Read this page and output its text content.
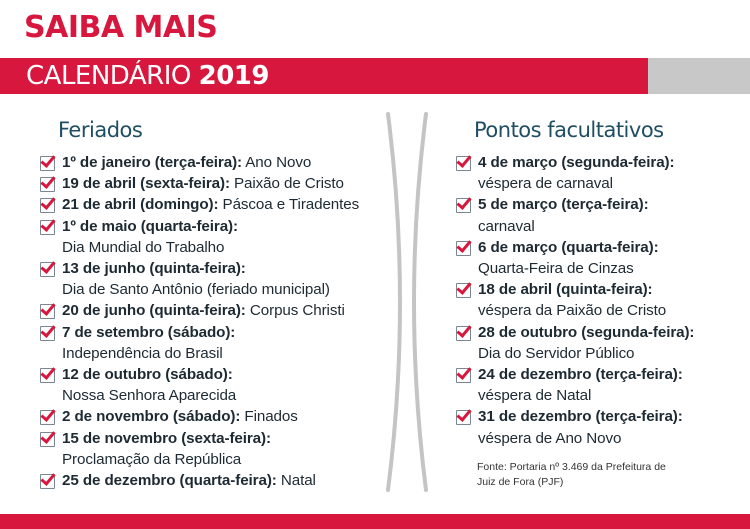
SAIBA MAIS
CALENDÁRIO 2019
Feriados
1º de janeiro (terça-feira): Ano Novo
19 de abril (sexta-feira): Paixão de Cristo
21 de abril (domingo): Páscoa e Tiradentes
1º de maio (quarta-feira):
Dia Mundial do Trabalho
13 de junho (quinta-feira):
Dia de Santo Antônio (feriado municipal)
20 de junho (quinta-feira): Corpus Christi
7 de setembro (sábado):
Independência do Brasil
12 de outubro (sábado):
Nossa Senhora Aparecida
2 de novembro (sábado): Finados
15 de novembro (sexta-feira):
Proclamação da República
25 de dezembro (quarta-feira): Natal
Pontos facultativos
4 de março (segunda-feira):
véspera de carnaval
5 de março (terça-feira):
carnaval
6 de março (quarta-feira):
Quarta-Feira de Cinzas
18 de abril (quinta-feira):
véspera da Paixão de Cristo
28 de outubro (segunda-feira):
Dia do Servidor Público
24 de dezembro (terça-feira):
véspera de Natal
31 de dezembro (terça-feira):
véspera de Ano Novo
Fonte: Portaria nº 3.469 da Prefeitura de
Juiz de Fora (PJF)
